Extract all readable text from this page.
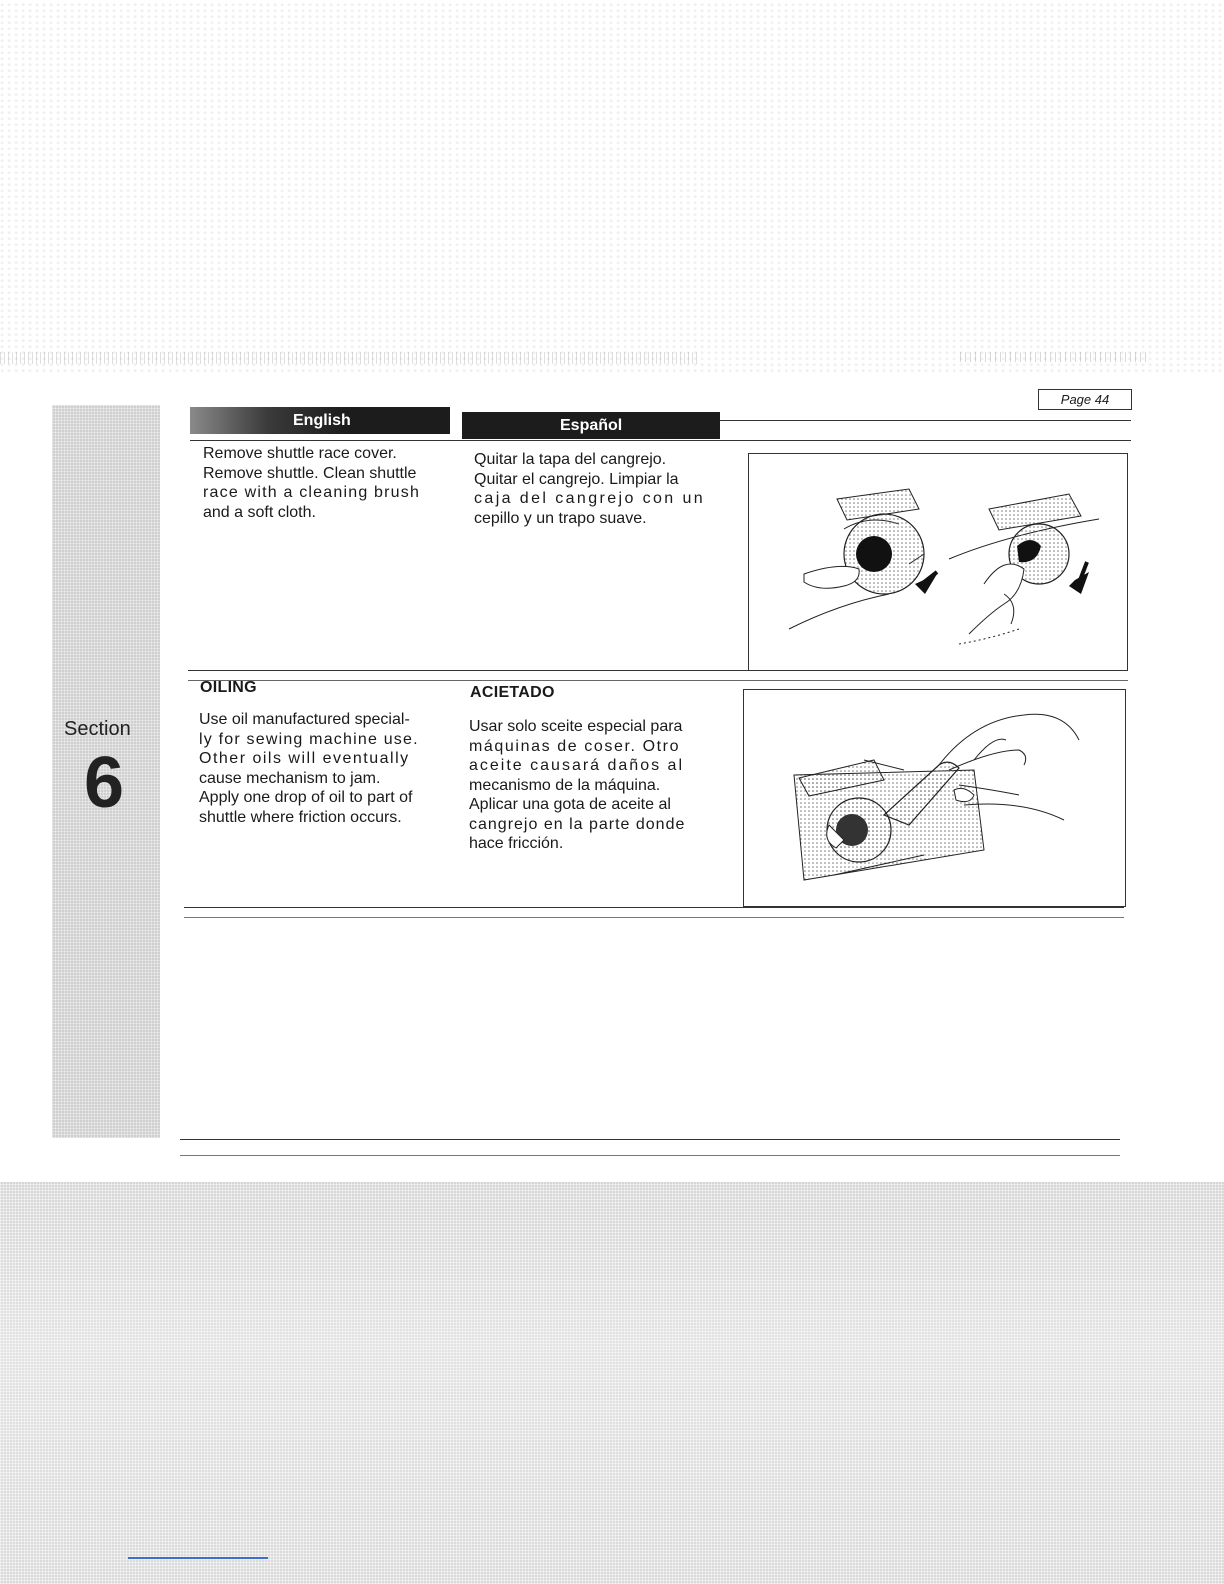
Section
6
Page 44
English	Español
Remove shuttle race cover.
Remove shuttle. Clean shuttle
race with a cleaning brush
and a soft cloth.
Quitar la tapa del cangrejo.
Quitar el cangrejo. Limpiar la
caja del cangrejo con un
cepillo y un trapo suave.
OILING	ACIETADO
Use oil manufactured special-
ly for sewing machine use.
Other oils will eventually
cause mechanism to jam.
Apply one drop of oil to part of
shuttle where friction occurs.
Usar solo sceite especial para
máquinas de coser. Otro
aceite causará daños al
mecanismo de la máquina.
Aplicar una gota de aceite al
cangrejo en la parte donde
hace fricción.
